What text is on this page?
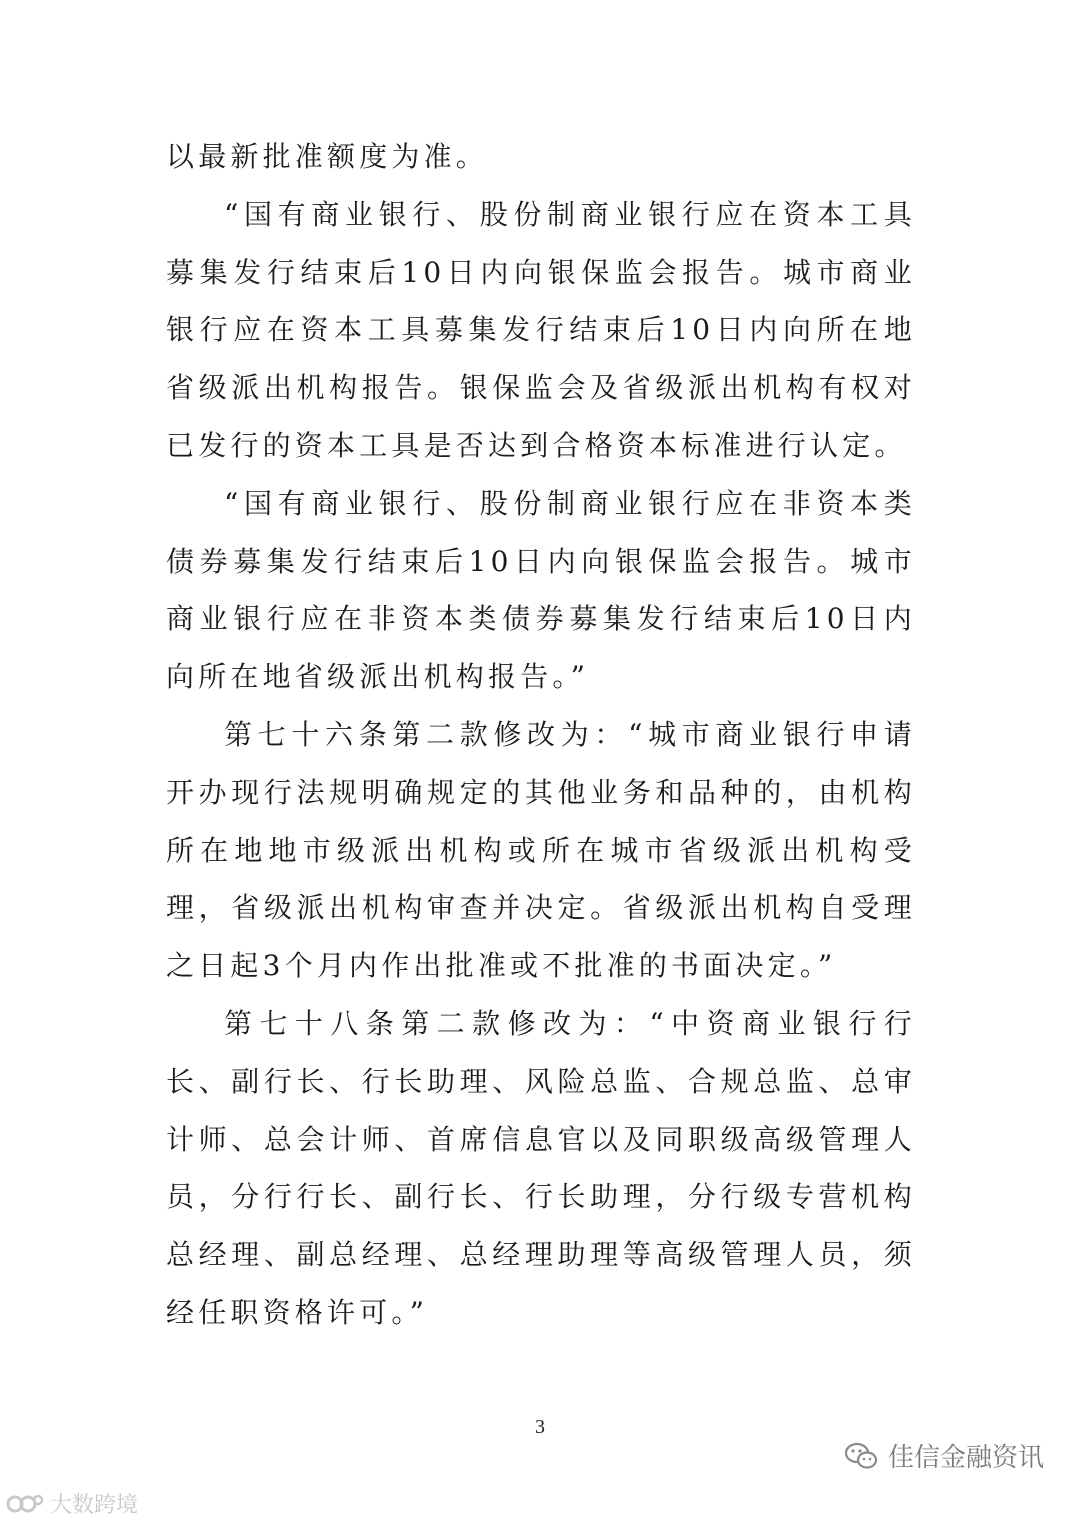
以最新批准额度为准。

“国有商业银行、股份制商业银行应在资本工具募集发行结束后10日内向银保监会报告。城市商业银行应在资本工具募集发行结束后10日内向所在地省级派出机构报告。银保监会及省级派出机构有权对已发行的资本工具是否达到合格资本标准进行认定。

“国有商业银行、股份制商业银行应在非资本类债券募集发行结束后10日内向银保监会报告。城市商业银行应在非资本类债券募集发行结束后10日内向所在地省级派出机构报告。”

第七十六条第二款修改为：“城市商业银行申请开办现行法规明确规定的其他业务和品种的，由机构所在地地市级派出机构或所在城市省级派出机构受理，省级派出机构审查并决定。省级派出机构自受理之日起3个月内作出批准或不批准的书面决定。”

第七十八条第二款修改为：“中资商业银行行长、副行长、行长助理、风险总监、合规总监、总审计师、总会计师、首席信息官以及同职级高级管理人员，分行行长、副行长、行长助理，分行级专营机构总经理、副总经理、总经理助理等高级管理人员，须经任职资格许可。”

3
大数跨境
佳信金融资讯
